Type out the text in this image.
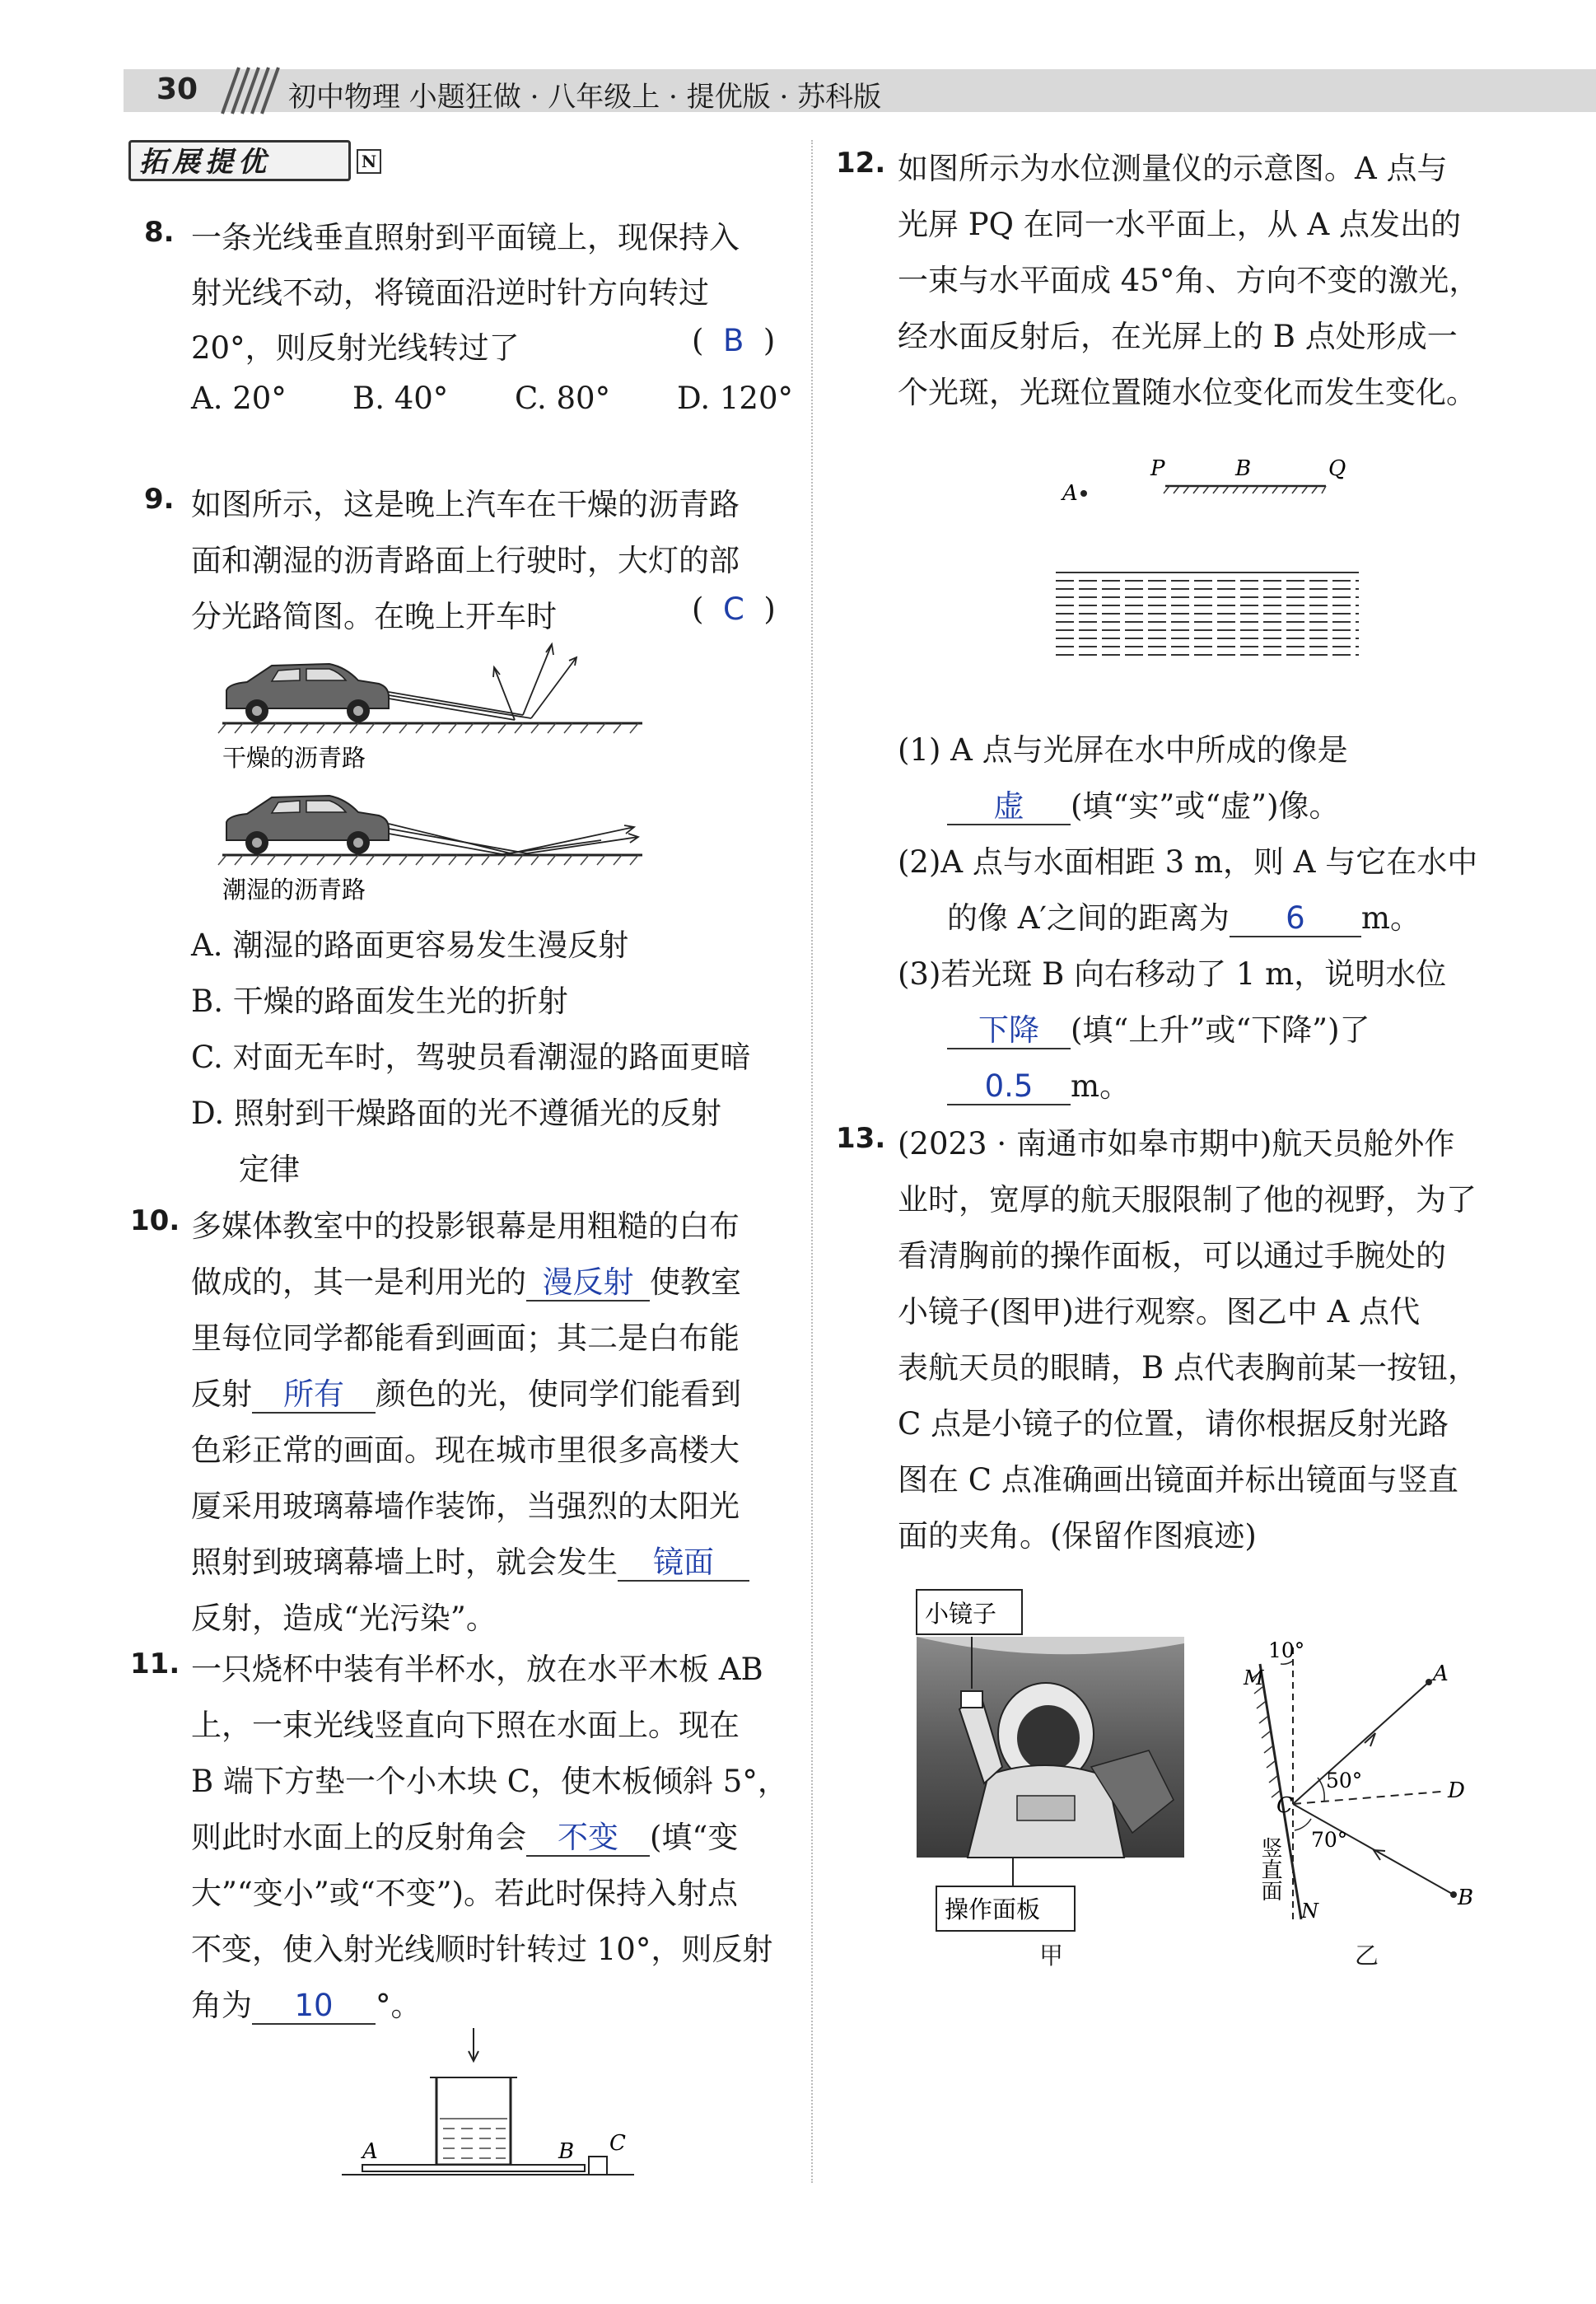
30	初中物理 小题狂做 · 八年级上 · 提优版 · 苏科版
拓展提优	N
8. 一条光线垂直照射到平面镜上，现保持入
射光线不动，将镜面沿逆时针方向转过
20°，则反射光线转过了	(  B  )
A. 20° B. 40° C. 80° D. 120°
9. 如图所示，这是晚上汽车在干燥的沥青路
面和潮湿的沥青路面上行驶时，大灯的部
分光路简图。在晚上开车时	(  C  )
干燥的沥青路
潮湿的沥青路
A. 潮湿的路面更容易发生漫反射
B. 干燥的路面发生光的折射
C. 对面无车时，驾驶员看潮湿的路面更暗
D. 照射到干燥路面的光不遵循光的反射
定律
10. 多媒体教室中的投影银幕是用粗糙的白布
做成的，其一是利用光的 漫反射 使教室
里每位同学都能看到画面；其二是白布能
反射 所有 颜色的光，使同学们能看到
色彩正常的画面。现在城市里很多高楼大
厦采用玻璃幕墙作装饰，当强烈的太阳光
照射到玻璃幕墙上时，就会发生 镜面
反射，造成“光污染”。
11. 一只烧杯中装有半杯水，放在水平木板 AB
上，一束光线竖直向下照在水面上。现在
B 端下方垫一个小木块 C，使木板倾斜 5°，
则此时水面上的反射角会 不变 (填“变
大”“变小”或“不变”)。若此时保持入射点
不变，使入射光线顺时针转过 10°，则反射
角为 10 °。
A	B C
12. 如图所示为水位测量仪的示意图。A 点与
光屏 PQ 在同一水平面上，从 A 点发出的
一束与水平面成 45°角、方向不变的激光，
经水面反射后，在光屏上的 B 点处形成一
个光斑，光斑位置随水位变化而发生变化。
A
P	B	Q
(1) A 点与光屏在水中所成的像是
虚 (填“实”或“虚”)像。
(2)A 点与水面相距 3 m，则 A 与它在水中
的像 A′之间的距离为 6 m。
(3)若光斑 B 向右移动了 1 m，说明水位
下降 (填“上升”或“下降”)了
0.5 m。
13. (2023 · 南通市如皋市期中)航天员舱外作
业时，宽厚的航天服限制了他的视野，为了
看清胸前的操作面板，可以通过手腕处的
小镜子(图甲)进行观察。图乙中 A 点代
表航天员的眼睛，B 点代表胸前某一按钮，
C 点是小镜子的位置，请你根据反射光路
图在 C 点准确画出镜面并标出镜面与竖直
面的夹角。(保留作图痕迹)
小镜子
操作面板
甲
10°
M	A
50°	D
C
70°
B
N
竖直面
乙
